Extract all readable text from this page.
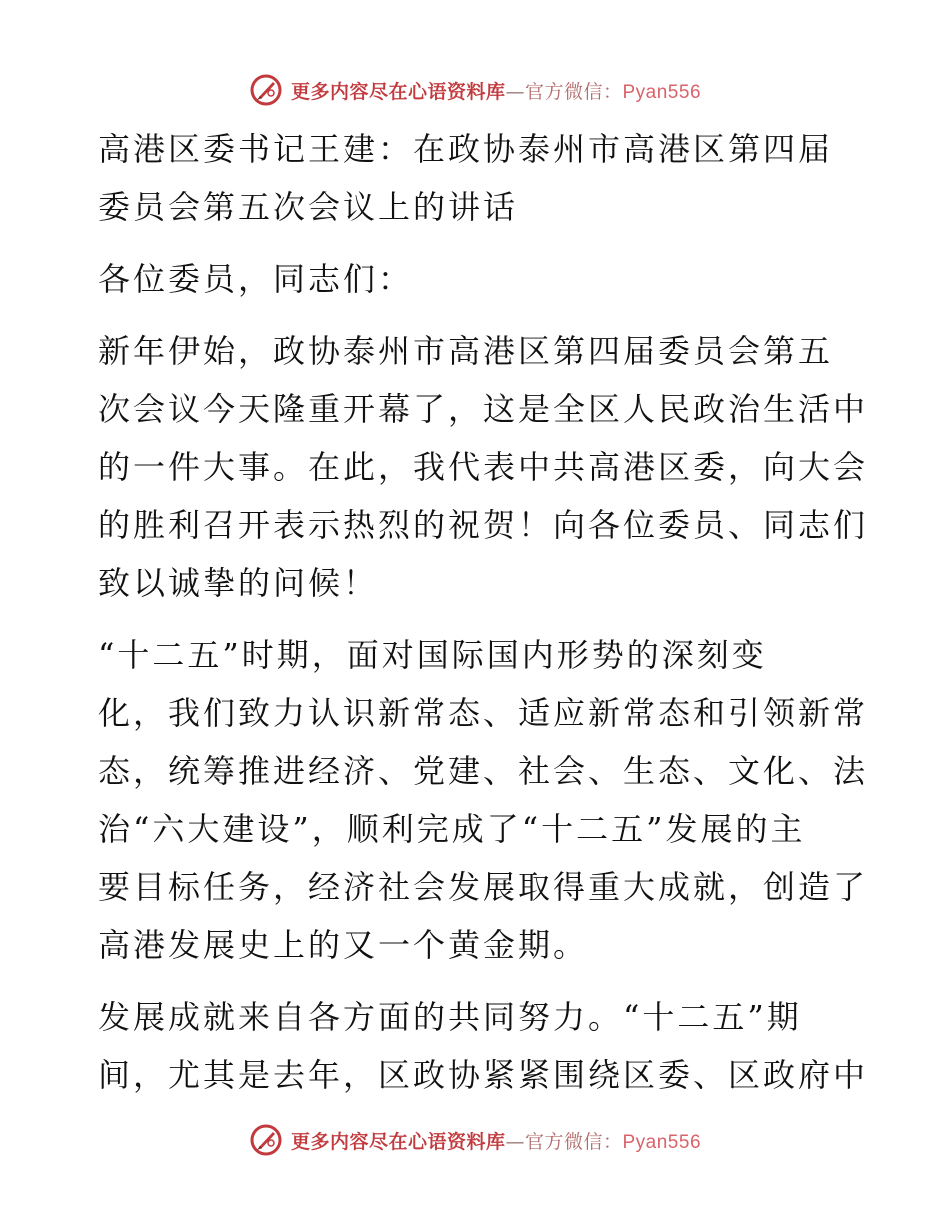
更多内容尽在心语资料库—官方微信：Pyan556

高港区委书记王建：在政协泰州市高港区第四届
委员会第五次会议上的讲话

各位委员，同志们：

新年伊始，政协泰州市高港区第四届委员会第五
次会议今天隆重开幕了，这是全区人民政治生活中
的一件大事。在此，我代表中共高港区委，向大会
的胜利召开表示热烈的祝贺！向各位委员、同志们
致以诚挚的问候！

“十二五”时期，面对国际国内形势的深刻变
化，我们致力认识新常态、适应新常态和引领新常
态，统筹推进经济、党建、社会、生态、文化、法
治“六大建设”，顺利完成了“十二五”发展的主
要目标任务，经济社会发展取得重大成就，创造了
高港发展史上的又一个黄金期。

发展成就来自各方面的共同努力。“十二五”期
间，尤其是去年，区政协紧紧围绕区委、区政府中

更多内容尽在心语资料库—官方微信：Pyan556
